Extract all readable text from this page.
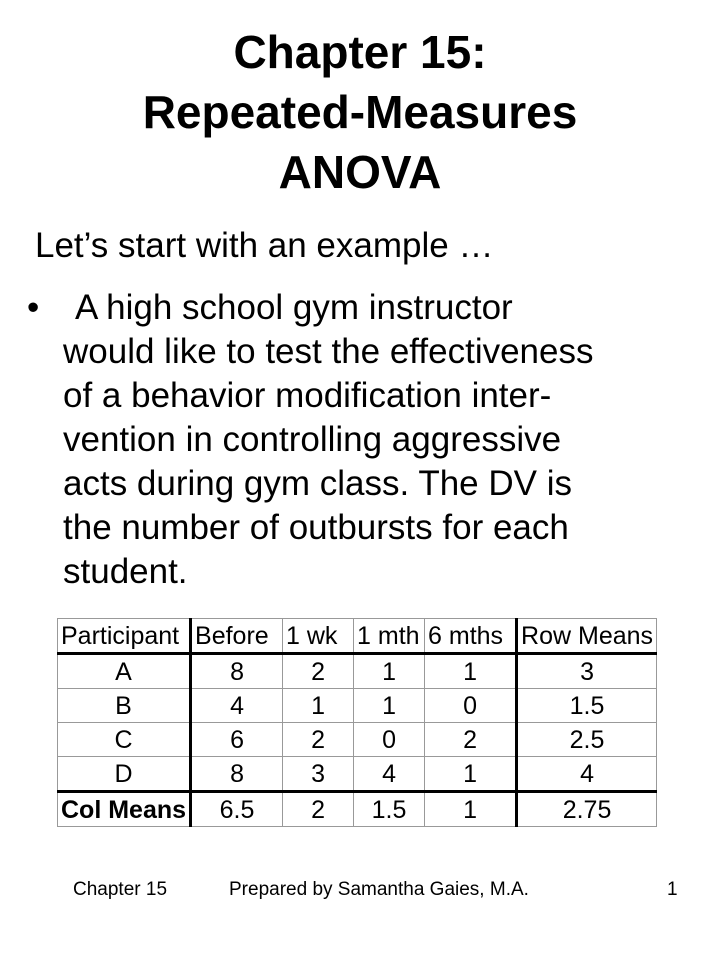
Chapter 15:
Repeated-Measures
ANOVA
Let’s start with an example …
•	A high school gym instructor
would like to test the effectiveness
of a behavior modification inter-
vention in controlling aggressive
acts during gym class. The DV is
the number of outbursts for each
student.
Participant	Before	1 wk	1 mth	6 mths	Row Means
A	8	2	1	1	3
B	4	1	1	0	1.5
C	6	2	0	2	2.5
D	8	3	4	1	4
Col Means	6.5	2	1.5	1	2.75
Chapter 15	Prepared by Samantha Gaies, M.A.	1
